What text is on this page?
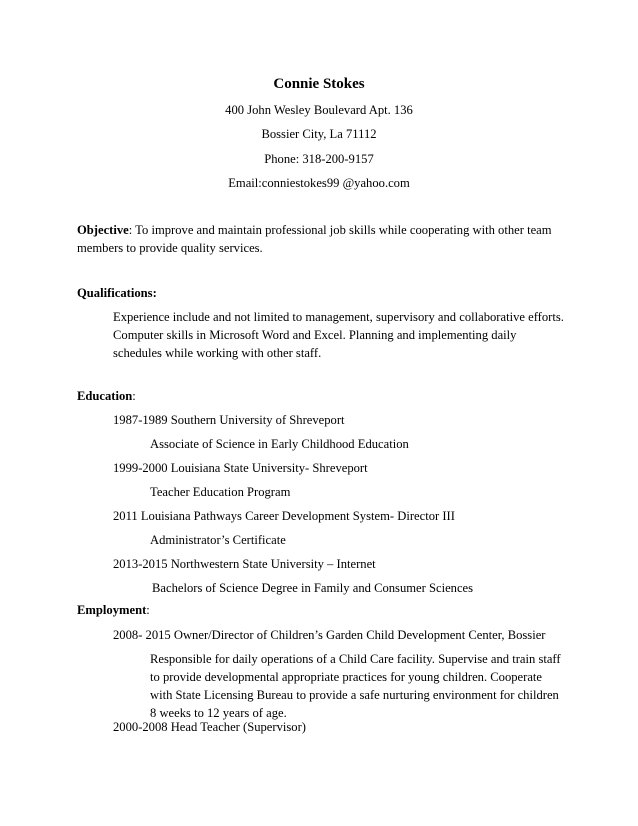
Connie Stokes
400 John Wesley Boulevard Apt. 136
Bossier City, La 71112
Phone: 318-200-9157
Email:conniestokes99 @yahoo.com
Objective: To improve and maintain professional job skills while cooperating with other team
members to provide quality services.
Qualifications:
Experience include and not limited to management, supervisory and collaborative efforts.
Computer skills in Microsoft Word and Excel. Planning and implementing daily
schedules while working with other staff.
Education:
1987-1989 Southern University of Shreveport
Associate of Science in Early Childhood Education
1999-2000 Louisiana State University- Shreveport
Teacher Education Program
2011 Louisiana Pathways Career Development System- Director III
Administrator’s Certificate
2013-2015 Northwestern State University – Internet
Bachelors of Science Degree in Family and Consumer Sciences
Employment:
2008- 2015 Owner/Director of Children’s Garden Child Development Center, Bossier
Responsible for daily operations of a Child Care facility. Supervise and train staff
to provide developmental appropriate practices for young children. Cooperate
with State Licensing Bureau to provide a safe nurturing environment for children
8 weeks to 12 years of age.
2000-2008 Head Teacher (Supervisor)
